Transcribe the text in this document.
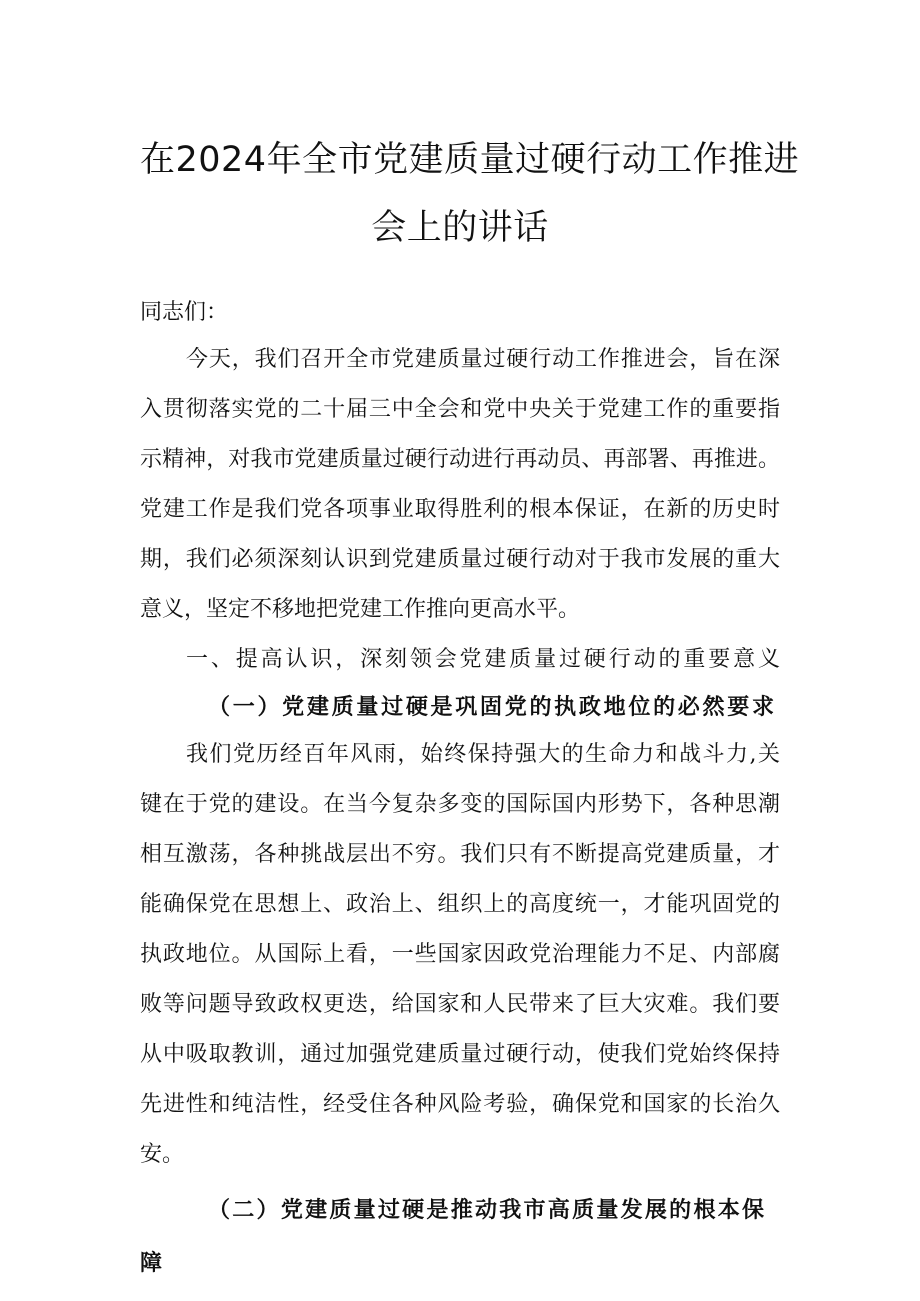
在2024年全市党建质量过硬行动工作推进
会上的讲话
同志们：
今天，我们召开全市党建质量过硬行动工作推进会，旨在深
入贯彻落实党的二十届三中全会和党中央关于党建工作的重要指
示精神，对我市党建质量过硬行动进行再动员、再部署、再推进。
党建工作是我们党各项事业取得胜利的根本保证，在新的历史时
期，我们必须深刻认识到党建质量过硬行动对于我市发展的重大
意义，坚定不移地把党建工作推向更高水平。
一、提高认识，深刻领会党建质量过硬行动的重要意义
（一）党建质量过硬是巩固党的执政地位的必然要求
我们党历经百年风雨，始终保持强大的生命力和战斗力,关
键在于党的建设。在当今复杂多变的国际国内形势下，各种思潮
相互激荡，各种挑战层出不穷。我们只有不断提高党建质量，才
能确保党在思想上、政治上、组织上的高度统一，才能巩固党的
执政地位。从国际上看，一些国家因政党治理能力不足、内部腐
败等问题导致政权更迭，给国家和人民带来了巨大灾难。我们要
从中吸取教训，通过加强党建质量过硬行动，使我们党始终保持
先进性和纯洁性，经受住各种风险考验，确保党和国家的长治久
安。
（二）党建质量过硬是推动我市高质量发展的根本保
障
